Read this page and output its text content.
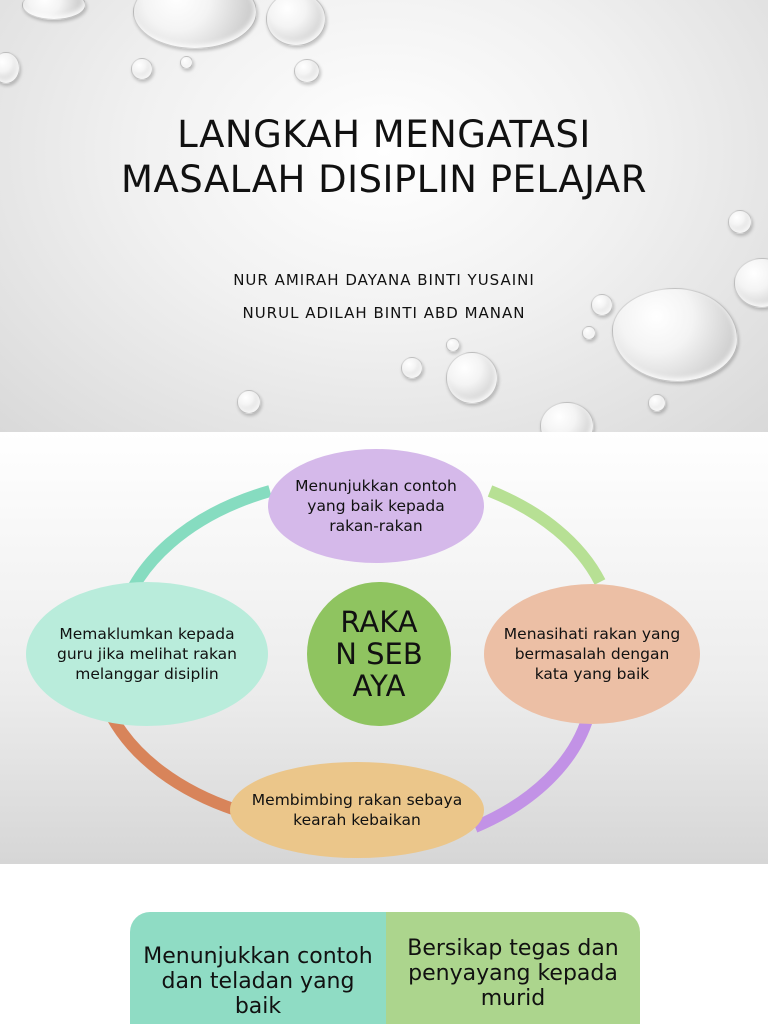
LANGKAH MENGATASI
MASALAH DISIPLIN PELAJAR
NUR AMIRAH DAYANA BINTI YUSAINI
NURUL ADILAH BINTI ABD MANAN
Menunjukkan contoh yang baik kepada rakan-rakan
Menasihati rakan yang bermasalah dengan kata yang baik
Membimbing rakan sebaya kearah kebaikan
Memaklumkan kepada guru jika melihat rakan melanggar disiplin
RAKAN SEBAYA
Menunjukkan contoh dan teladan yang baik
Bersikap tegas dan penyayang kepada murid
